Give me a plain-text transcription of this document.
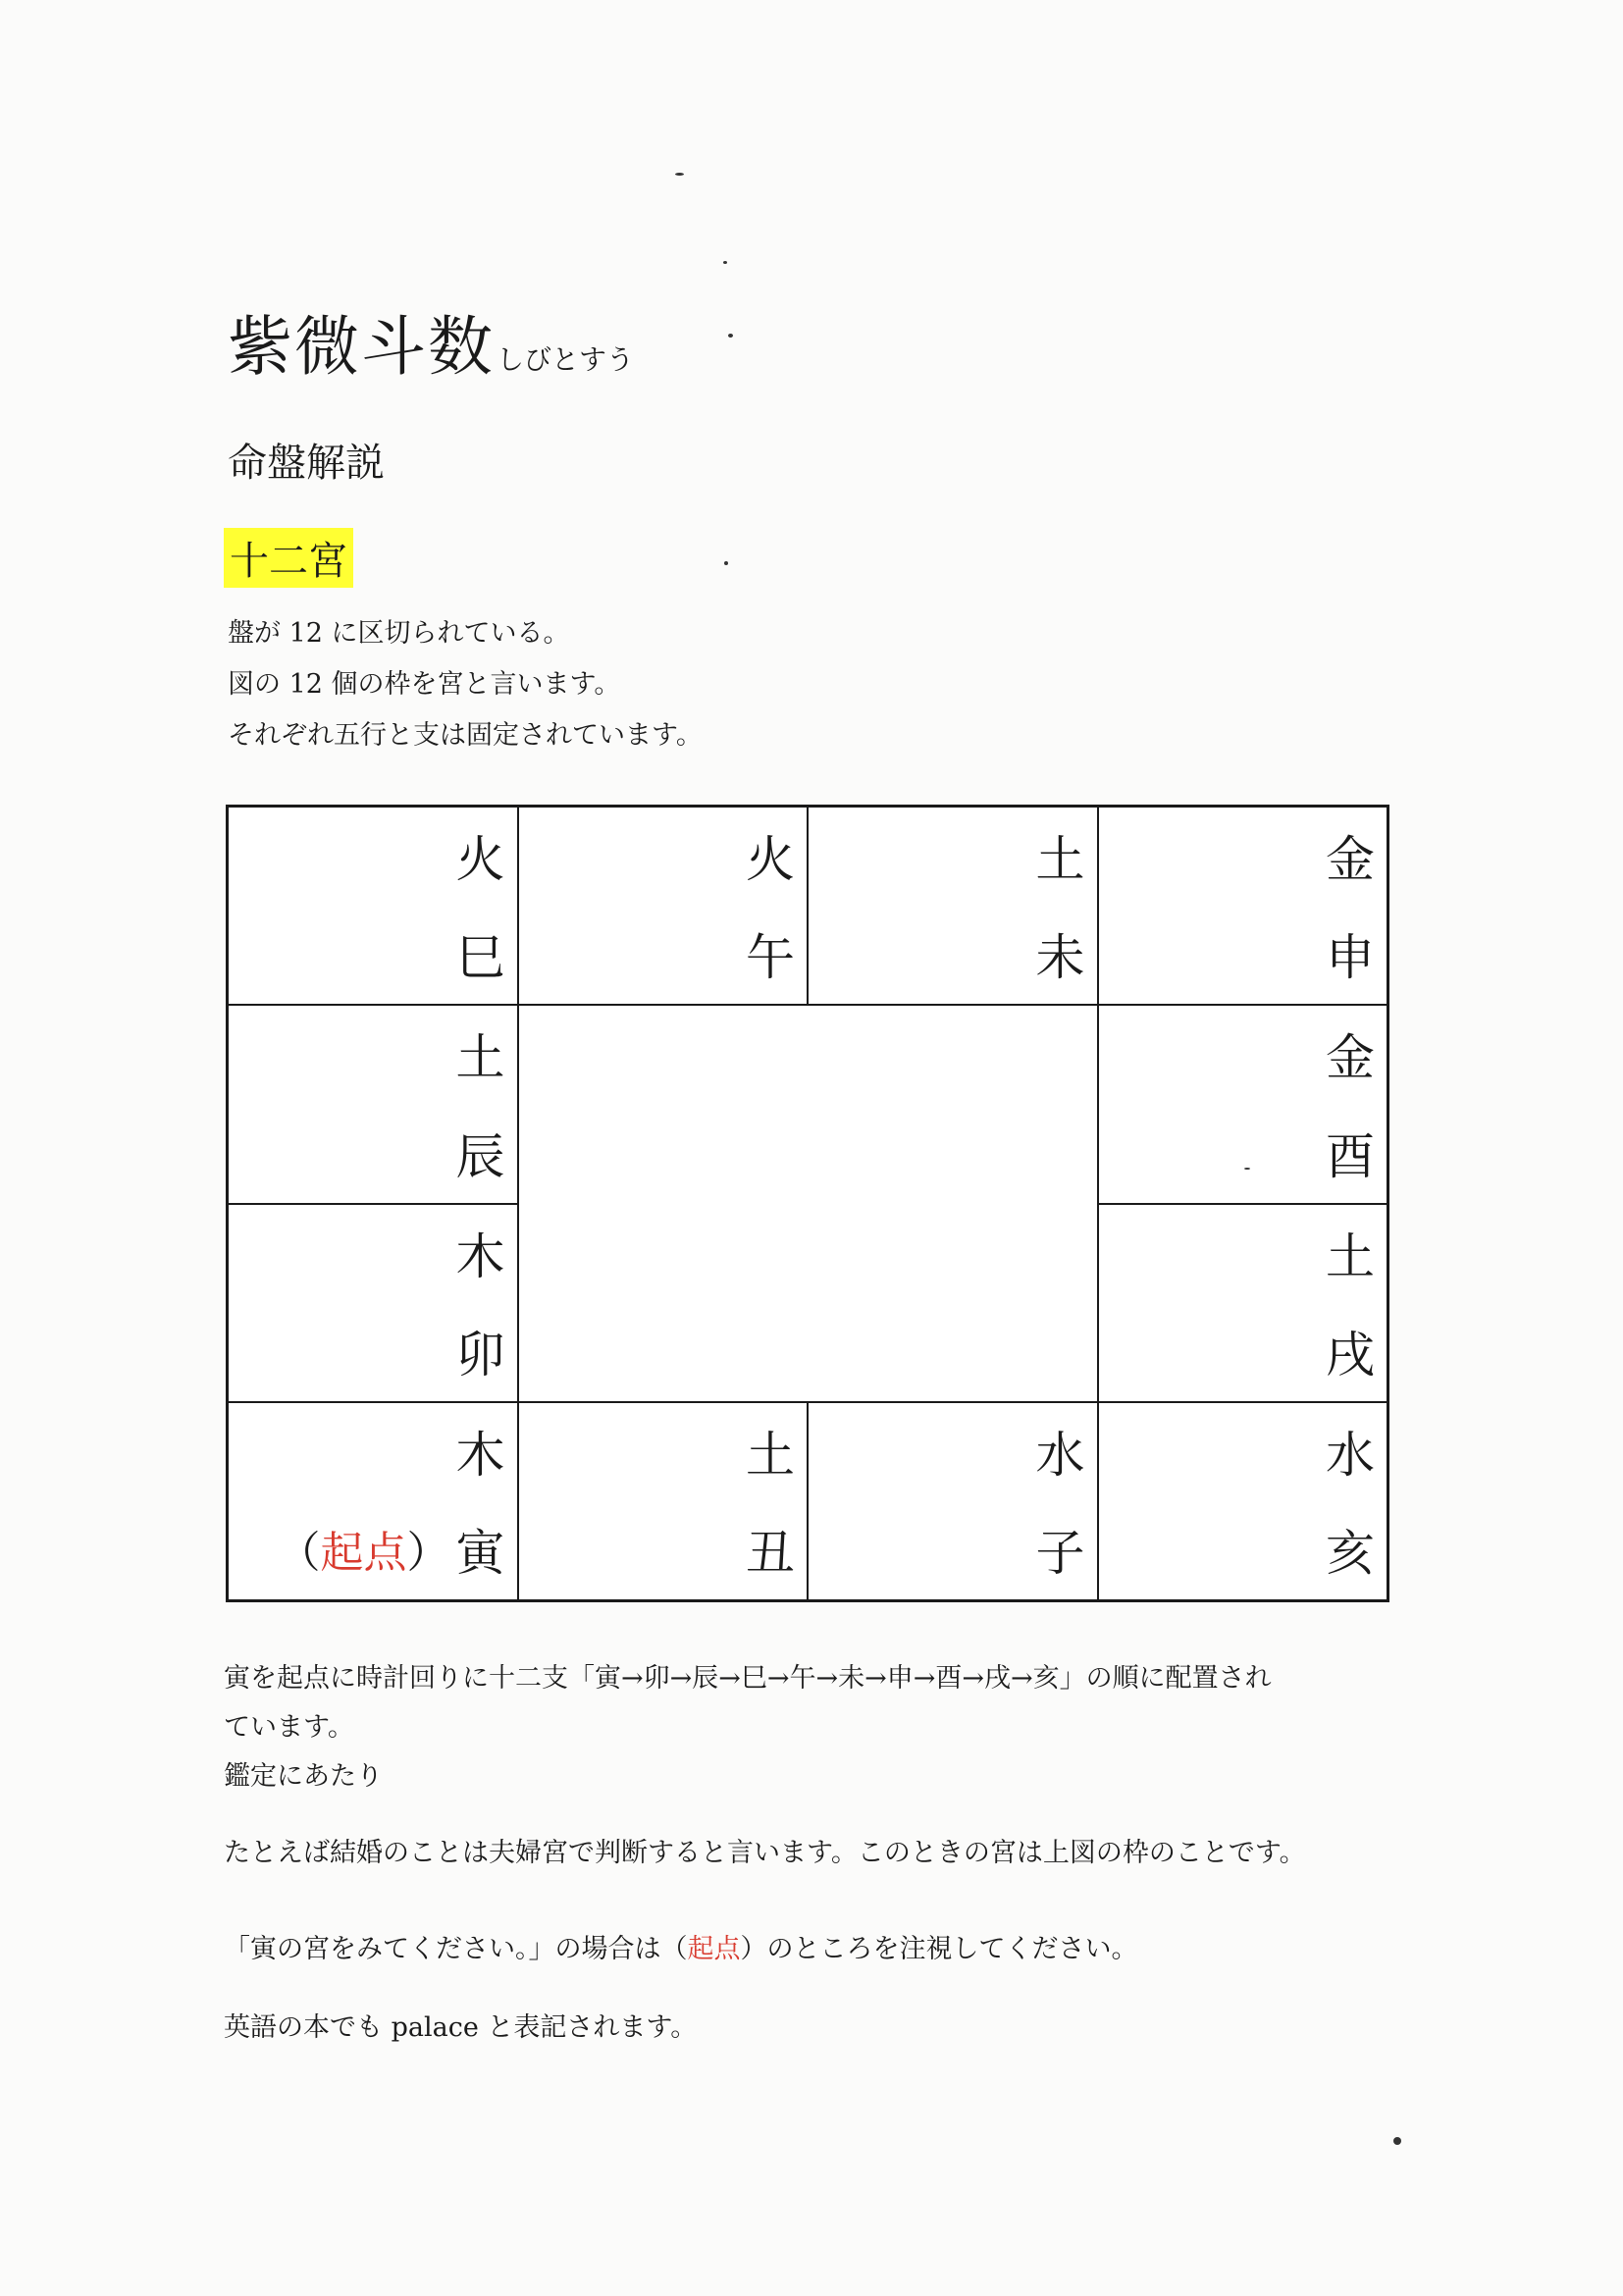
紫微斗数しびとすう
命盤解説
十二宮
盤が 12 に区切られている。
図の 12 個の枠を宮と言います。
それぞれ五行と支は固定されています。
火
巳
火
午
土
未
金
申
土
辰
金
酉
木
卯
土
戌
木
（起点） 寅
土
丑
水
子
水
亥
寅を起点に時計回りに十二支「寅→卯→辰→巳→午→未→申→酉→戌→亥」の順に配置され
ています。
鑑定にあたり
たとえば結婚のことは夫婦宮で判断すると言います。このときの宮は上図の枠のことです。
「寅の宮をみてください。」の場合は（起点）のところを注視してください。
英語の本でも palace と表記されます。
